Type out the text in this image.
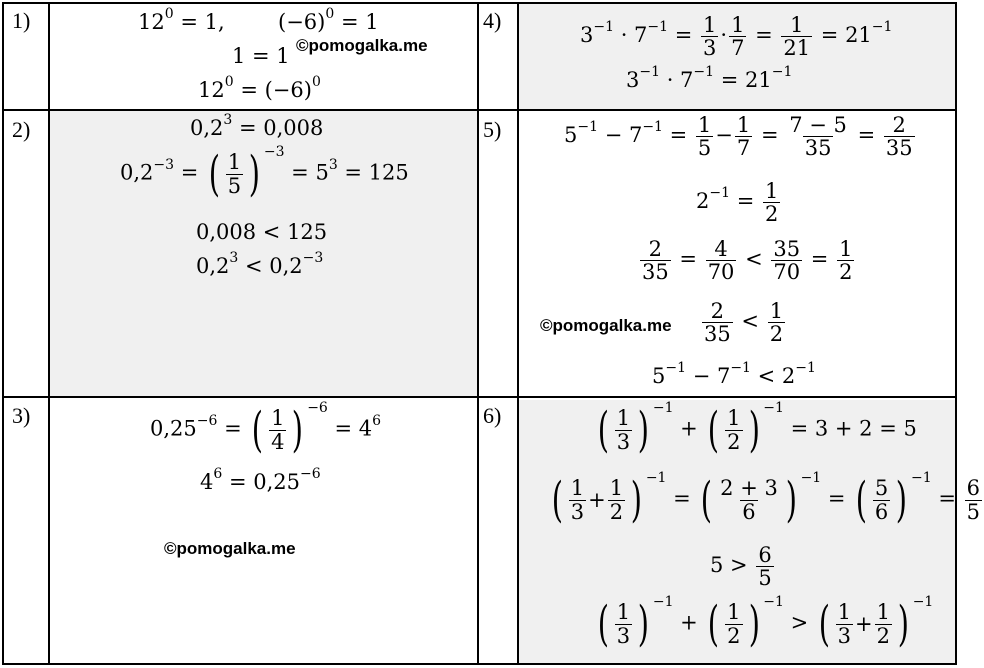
1)
2)
3)
4)
5)
6)
$12^0 = 1$,	$(-6)^0 = 1$
1 = 1 ©pomogalka.me
$12^0 = (-6)^0$
$0,2^3 = 0,008$
$0,2^{-3}$ = ( $\frac{1}{5}$ ) $^{-3}$
= $5^3 = 125$
0,008 < 125
$0,2^3 < 0,2^{-3}$
$0,25^{-6}$ = ( $\frac{1}{4}$ ) $^{-6}$
= $4^6$
$4^6 = 0,25^{-6}$
©pomogalka.me
$3^{-1} \cdot 7^{-1} = \frac{1}{3} \cdot \frac{1}{7} = \frac{1}{21} = 21^{-1}$
$3^{-1} \cdot 7^{-1} = 21^{-1}$
$5^{-1} - 7^{-1} = \frac{1}{5} - \frac{1}{7} = \frac{7 - 5}{35} = \frac{2}{35}$
$2^{-1} = \frac{1}{2}$
$\frac{2}{35} = \frac{4}{70} < \frac{35}{70} = \frac{1}{2}$
©pomogalka.me $\frac{2}{35} < \frac{1}{2}$
$5^{-1} - 7^{-1} < 2^{-1}$
( $\frac{1}{3}$ ) $^{-1}$
+ ( $\frac{1}{2}$ ) $^{-1}$
= 3 + 2 = 5
( $\frac{1}{3} + \frac{1}{2}$ ) $^{-1}$
= ( $\frac{2 + 3}{6}$ ) $^{-1}$
= ( $\frac{5}{6}$ ) $^{-1}$
= $\frac{6}{5}$
$5 > \frac{6}{5}$
( $\frac{1}{3}$ ) $^{-1}$
+ ( $\frac{1}{2}$ ) $^{-1}$
> ( $\frac{1}{3} + \frac{1}{2}$ ) $^{-1}$
